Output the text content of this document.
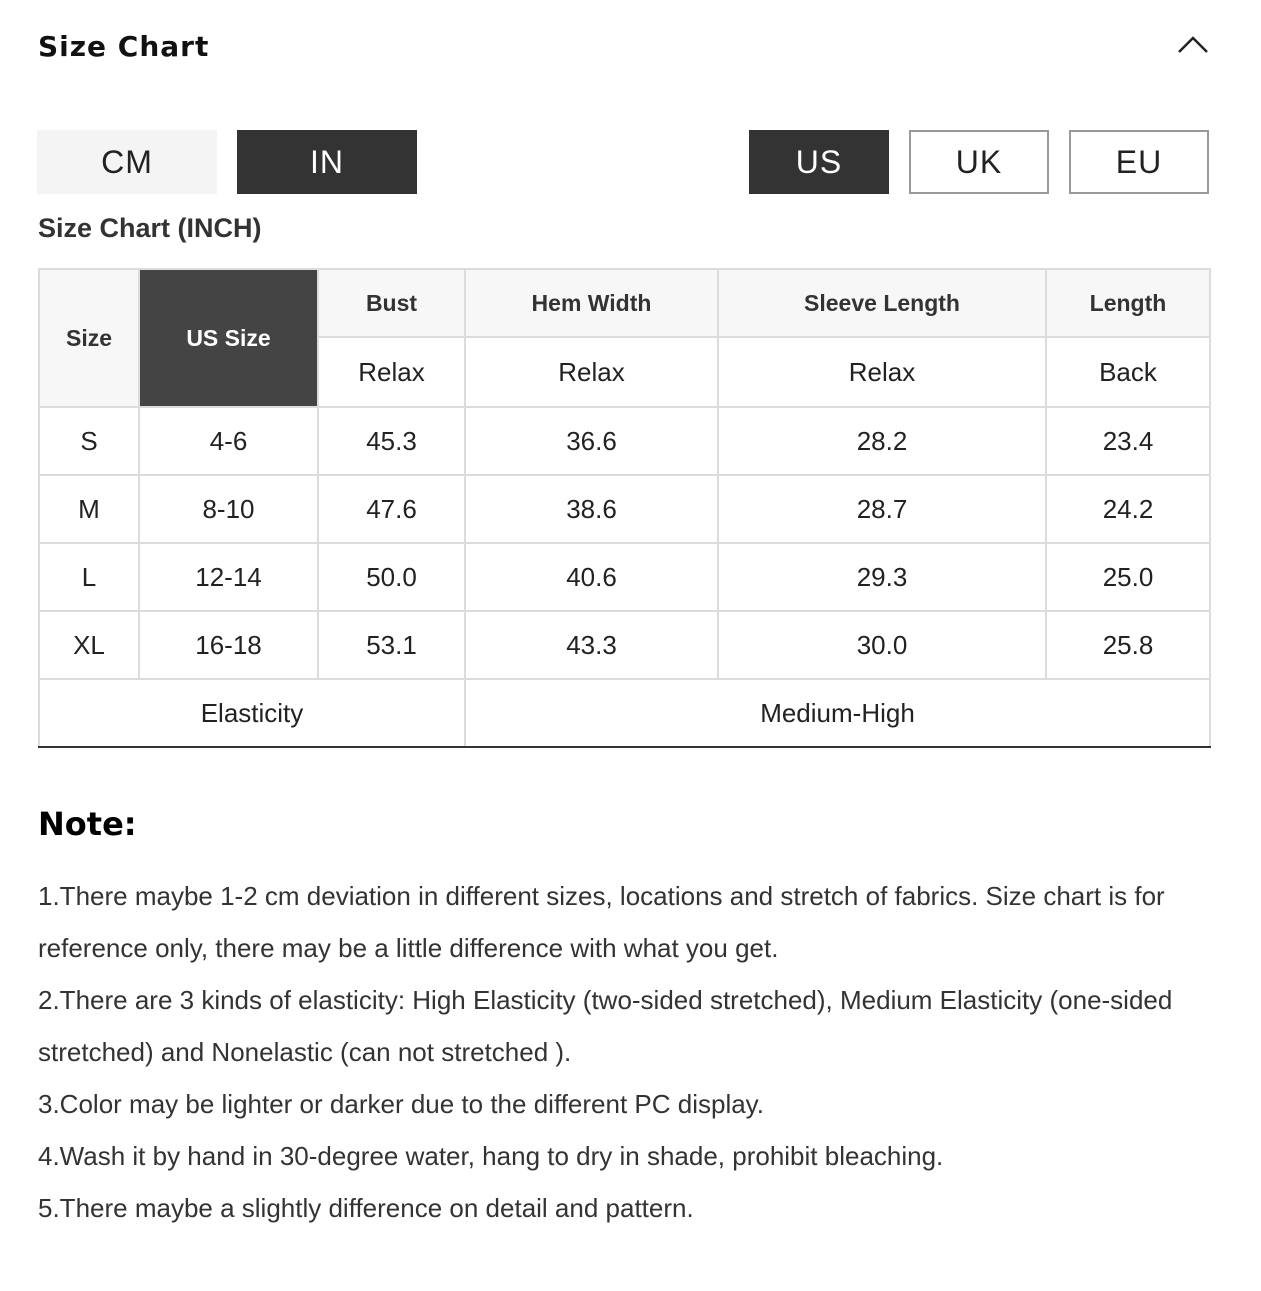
Size Chart
CM	IN	US	UK	EU
Size Chart (INCH)
Size	US Size	Bust	Hem Width	Sleeve Length	Length
		Relax	Relax	Relax	Back
S	4-6	45.3	36.6	28.2	23.4
M	8-10	47.6	38.6	28.7	24.2
L	12-14	50.0	40.6	29.3	25.0
XL	16-18	53.1	43.3	30.0	25.8
Elasticity			Medium-High		
Note:

1.There maybe 1-2 cm deviation in different sizes, locations and stretch of fabrics. Size chart is for reference only, there may be a little difference with what you get.

2.There are 3 kinds of elasticity: High Elasticity (two-sided stretched), Medium Elasticity (one-sided stretched) and Nonelastic (can not stretched ).

3.Color may be lighter or darker due to the different PC display.

4.Wash it by hand in 30-degree water, hang to dry in shade, prohibit bleaching.

5.There maybe a slightly difference on detail and pattern.
